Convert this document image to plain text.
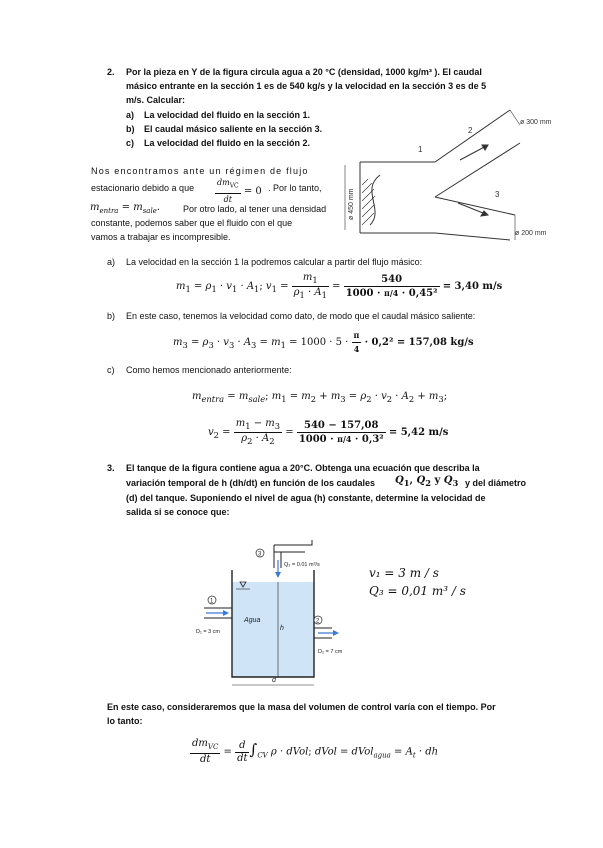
2. Por la pieza en Y de la figura circula agua a 20 °C (densidad, 1000 kg/m³ ). El caudal
másico entrante en la sección 1 es de 540 kg/s y la velocidad en la sección 3 es de 5
m/s. Calcular:
a) La velocidad del fluido en la sección 1.
b) El caudal másico saliente en la sección 3.
c) La velocidad del fluido en la sección 2.
1
2
3
ø 300 mm
ø 200 mm
ø 450 mm
Nos encontramos ante un régimen de flujo
estacionario debido a que	$\frac{dm_{VC}}{dt} = 0$ . Por lo tanto,
$m_{entra} = m_{sale}$.	Por otro lado, al tener una densidad
constante, podemos saber que el fluido con el que
vamos a trabajar es incompresible.
a) La velocidad en la sección 1 la podremos calcular a partir del flujo másico:
$m_1 = \rho_1 \cdot v_1 \cdot A_1$; $v_1 = \frac{m_1}{\rho_1 \cdot A_1} = \frac{540}{\text{1000 · π/4 · 0,45²}} = 3,40$ m/s
b) En este caso, tenemos la velocidad como dato, de modo que el caudal másico saliente:
$m_3 = \rho_3 \cdot v_3 \cdot A_3 = m_1 = 1000 \cdot 5 \cdot \frac{\pi}{4} \cdot 0,2^2 = 157,08$ kg/s
c) Como hemos mencionado anteriormente:
$m_{entra} = m_{sale}$; $m_1 = m_2 + m_3 = \rho_2 \cdot v_2 \cdot A_2 + m_3$;
$v_2 = \frac{m_1 - m_3}{\rho_2 \cdot A_2} = \frac{540 - 157,08}{\text{1000 · π/4 · 0,3²}} = 5,42$ m/s
3. El tanque de la figura contiene agua a 20°C. Obtenga una ecuación que describa la
variación temporal de h (dh/dt) en función de los caudales $Q_1$, $Q_2$ y $Q_3$ y del diámetro
(d) del tanque. Suponiendo el nivel de agua (h) constante, determine la velocidad de
salida si se conoce que:
1
2
3
Agua
h
d
D₁ = 3 cm
D₂ = 7 cm
Q₃ = 0.01 m³/s
v₁ = 3 m / s
Q₃ = 0,01 m³ / s
En este caso, consideraremos que la masa del volumen de control varía con el tiempo. Por
lo tanto:
$\frac{dm_{VC}}{dt} = \frac{d}{dt} \int_{CV}$ ρ · dVol; dVol = dVol$_{agua}$ = $A_t$ · dh
